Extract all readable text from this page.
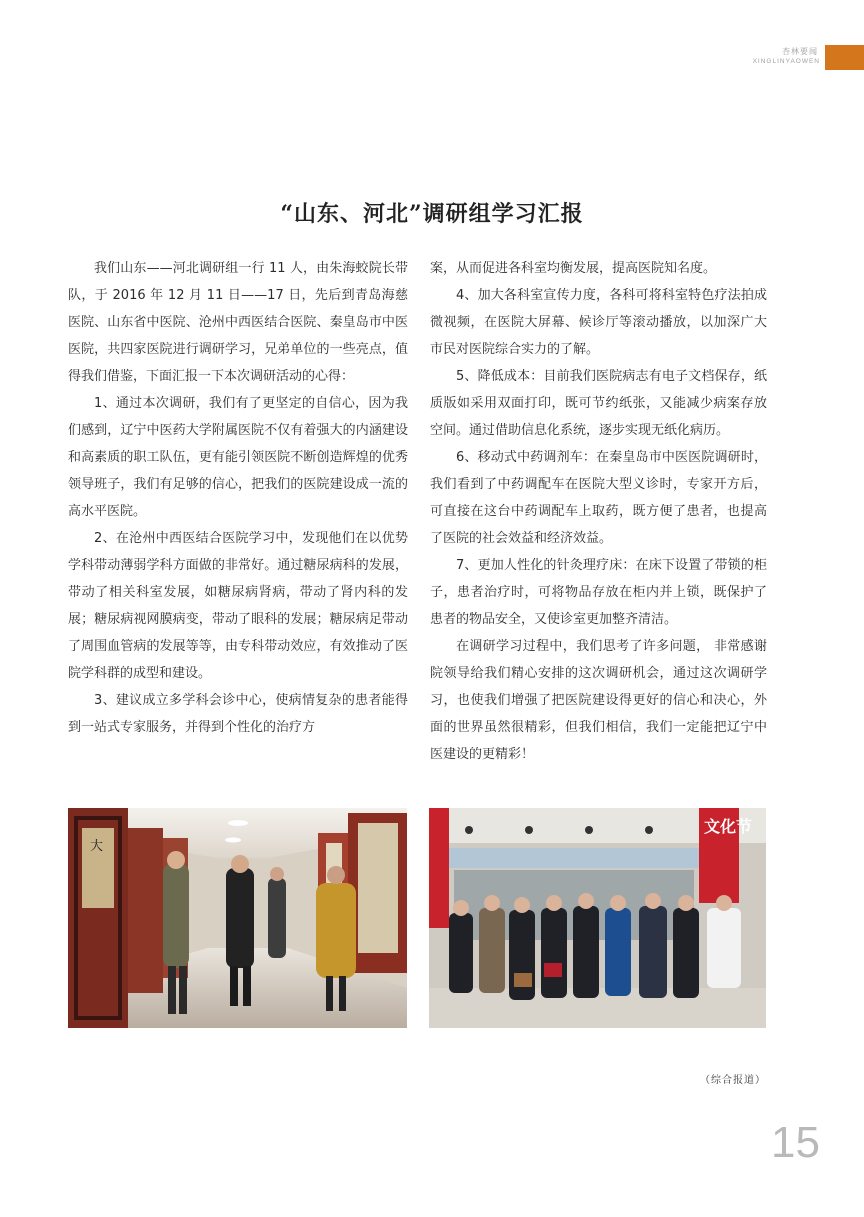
杏林要闻
XINGLINYAOWEN
“山东、河北”调研组学习汇报

我们山东——河北调研组一行 11 人，由朱海蛟院长带队，于 2016 年 12 月 11 日——17 日，先后到青岛海慈医院、山东省中医院、沧州中西医结合医院、秦皇岛市中医医院，共四家医院进行调研学习，兄弟单位的一些亮点，值得我们借鉴，下面汇报一下本次调研活动的心得：

1、通过本次调研，我们有了更坚定的自信心，因为我们感到，辽宁中医药大学附属医院不仅有着强大的内涵建设和高素质的职工队伍，更有能引领医院不断创造辉煌的优秀领导班子，我们有足够的信心，把我们的医院建设成一流的高水平医院。

2、在沧州中西医结合医院学习中，发现他们在以优势学科带动薄弱学科方面做的非常好。通过糖尿病科的发展，带动了相关科室发展，如糖尿病肾病，带动了肾内科的发展；糖尿病视网膜病变，带动了眼科的发展；糖尿病足带动了周围血管病的发展等等，由专科带动效应，有效推动了医院学科群的成型和建设。

3、建议成立多学科会诊中心，使病情复杂的患者能得到一站式专家服务，并得到个性化的治疗方

案，从而促进各科室均衡发展，提高医院知名度。

4、加大各科室宣传力度，各科可将科室特色疗法拍成微视频，在医院大屏幕、候诊厅等滚动播放，以加深广大市民对医院综合实力的了解。

5、降低成本：目前我们医院病志有电子文档保存，纸质版如采用双面打印，既可节约纸张，又能减少病案存放空间。通过借助信息化系统，逐步实现无纸化病历。

6、移动式中药调剂车：在秦皇岛市中医医院调研时，我们看到了中药调配车在医院大型义诊时，专家开方后，可直接在这台中药调配车上取药，既方便了患者，也提高了医院的社会效益和经济效益。

7、更加人性化的针灸理疗床：在床下设置了带锁的柜子，患者治疗时，可将物品存放在柜内并上锁，既保护了患者的物品安全，又使诊室更加整齐清洁。

在调研学习过程中，我们思考了许多问题， 非常感谢院领导给我们精心安排的这次调研机会，通过这次调研学习，也使我们增强了把医院建设得更好的信心和决心，外面的世界虽然很精彩，但我们相信，我们一定能把辽宁中医建设的更精彩！

大
文化节
（综合报道）
15
